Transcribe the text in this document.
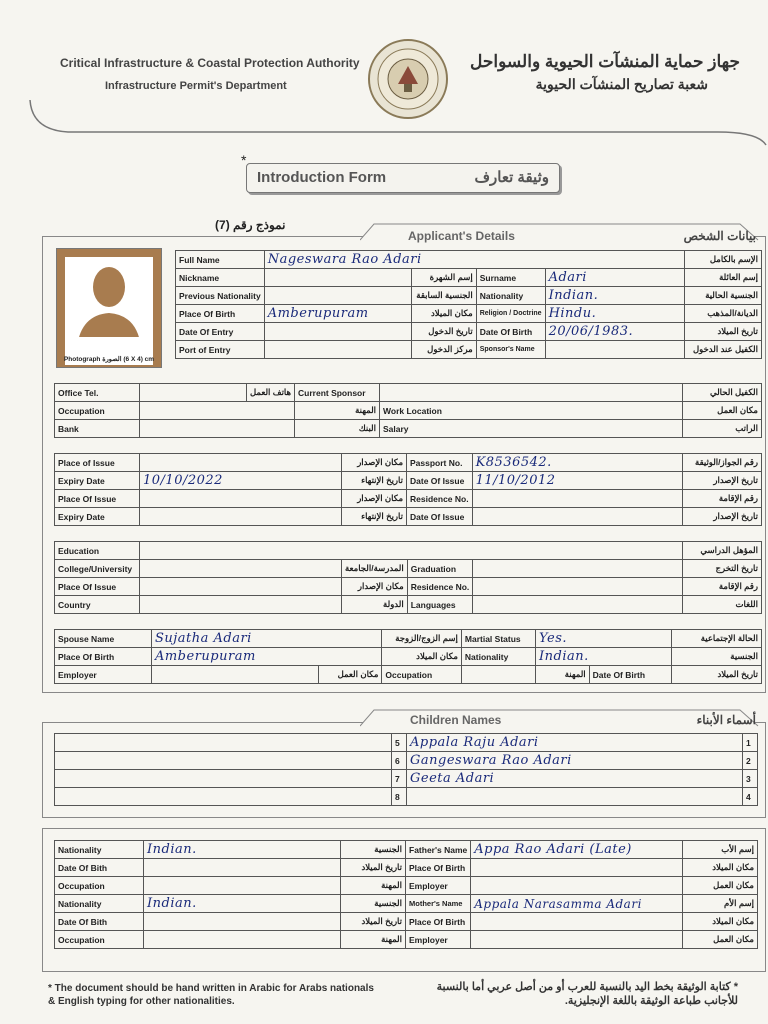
Critical Infrastructure & Coastal Protection Authority
Infrastructure Permit's Department
جهاز حماية المنشآت الحيوية والسواحل
شعبة تصاريح المنشآت الحيوية
*
Introduction Form	وثيقة تعارف
نموذج رقم (7)
Applicant's Details	بيانات الشخص
Photograph الصورة (6 X 4) cm
Full Name	Nageswara Rao Adari				الإسم بالكامل
Nickname		إسم الشهرة	Surname	Adari	إسم العائلة
Previous Nationality		الجنسية السابقة	Nationality	Indian.	الجنسية الحالية
Place Of Birth	Amberupuram	مكان الميلاد	Religion / Doctrine	Hindu.	الديانة/المذهب
Date Of Entry		تاريخ الدخول	Date Of Birth	20/06/1983.	تاريخ الميلاد
Port of Entry		مركز الدخول	Sponsor's Name		الكفيل عند الدخول
Office Tel.		هاتف العمل	Current Sponsor		الكفيل الحالي
Occupation			المهنة	Work Location	مكان العمل
Bank			البنك	Salary	الراتب
Place of Issue		مكان الإصدار	Passport No.	K8536542.	رقم الجواز/الوثيقة
Expiry Date	10/10/2022	تاريخ الإنتهاء	Date Of Issue	11/10/2012	تاريخ الإصدار
Place Of Issue		مكان الإصدار	Residence No.		رقم الإقامة
Expiry Date		تاريخ الإنتهاء	Date Of Issue		تاريخ الإصدار
Education					المؤهل الدراسي
College/University		المدرسة/الجامعة	Graduation		تاريخ التخرج
Place Of Issue		مكان الإصدار	Residence No.		رقم الإقامة
Country		الدولة	Languages		اللغات
Spouse Name	Sujatha Adari		إسم الزوج/الزوجة	Martial Status	Yes.		الحالة الإجتماعية
Place Of Birth	Amberupuram		مكان الميلاد	Nationality	Indian.		الجنسية
Employer		مكان العمل	Occupation		المهنة	Date Of Birth	تاريخ الميلاد
Children Names	أسماء الأبناء
	5	Appala Raju Adari	1
	6	Gangeswara Rao Adari	2
	7	Geeta Adari	3
	8		4
Nationality	Indian.	الجنسية	Father's Name	Appa Rao Adari (Late)	إسم الأب
Date Of Bith		تاريخ الميلاد	Place Of Birth		مكان الميلاد
Occupation		المهنة	Employer		مكان العمل
Nationality	Indian.	الجنسية	Mother's Name	Appala Narasamma Adari	إسم الأم
Date Of Bith		تاريخ الميلاد	Place Of Birth		مكان الميلاد
Occupation		المهنة	Employer		مكان العمل
* The document should be hand written in Arabic for Arabs nationals & English typing for other nationalities.
* كتابة الوثيقة بخط اليد بالنسبة للعرب أو من أصل عربي أما بالنسبة للأجانب طباعة الوثيقة باللغة الإنجليزية.
